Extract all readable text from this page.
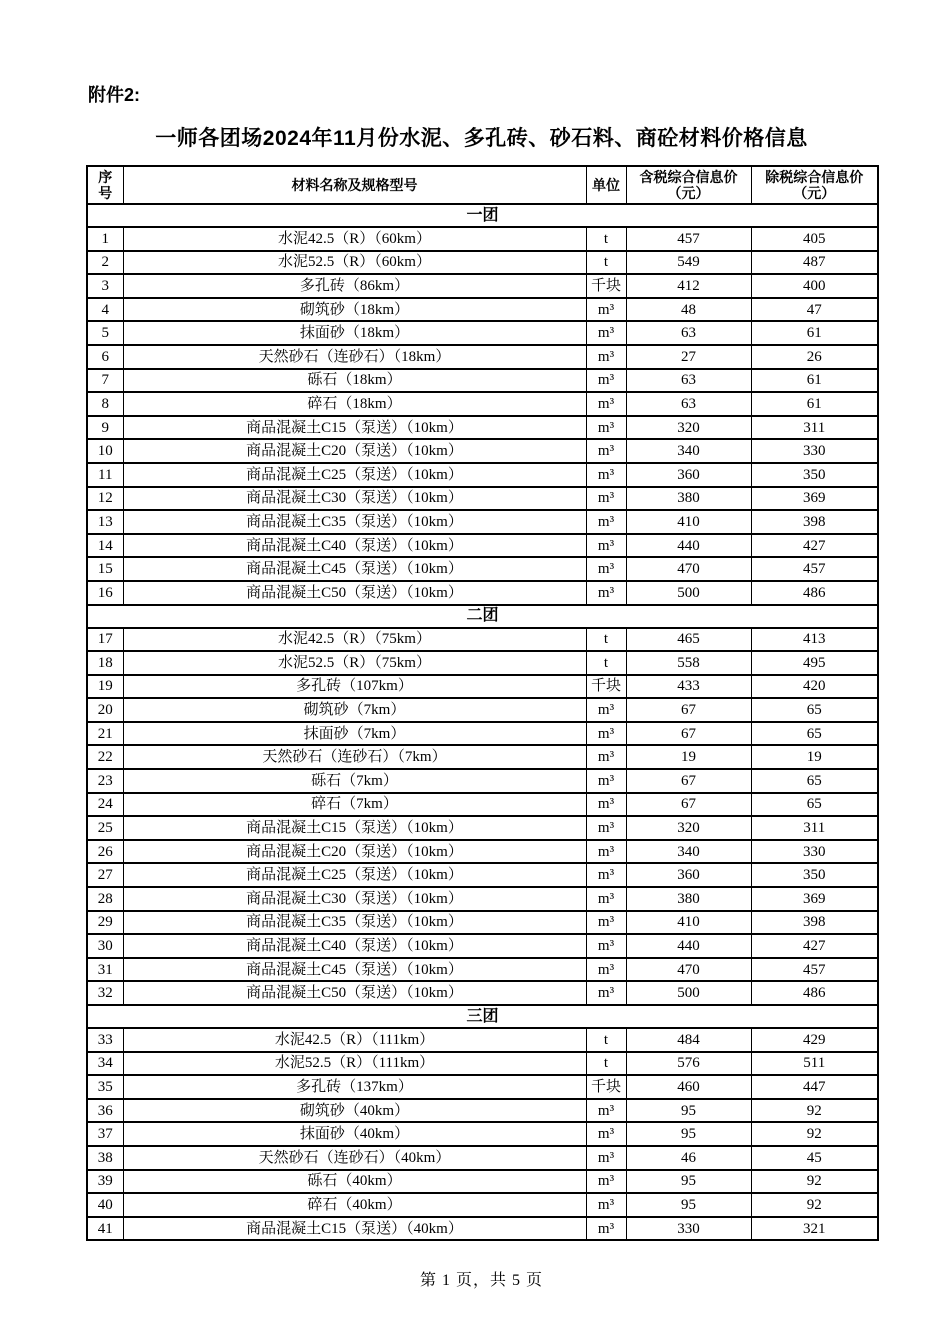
附件2:
一师各团场2024年11月份水泥、多孔砖、砂石料、商砼材料价格信息
序号	材料名称及规格型号	单位	含税综合信息价（元）	除税综合信息价（元）
一团				
1	水泥42.5（R）（60km）	t	457	405
2	水泥52.5（R）（60km）	t	549	487
3	多孔砖（86km）	千块	412	400
4	砌筑砂（18km）	m³	48	47
5	抹面砂（18km）	m³	63	61
6	天然砂石（连砂石）（18km）	m³	27	26
7	砾石（18km）	m³	63	61
8	碎石（18km）	m³	63	61
9	商品混凝土C15（泵送）（10km）	m³	320	311
10	商品混凝土C20（泵送）（10km）	m³	340	330
11	商品混凝土C25（泵送）（10km）	m³	360	350
12	商品混凝土C30（泵送）（10km）	m³	380	369
13	商品混凝土C35（泵送）（10km）	m³	410	398
14	商品混凝土C40（泵送）（10km）	m³	440	427
15	商品混凝土C45（泵送）（10km）	m³	470	457
16	商品混凝土C50（泵送）（10km）	m³	500	486
二团				
17	水泥42.5（R）（75km）	t	465	413
18	水泥52.5（R）（75km）	t	558	495
19	多孔砖（107km）	千块	433	420
20	砌筑砂（7km）	m³	67	65
21	抹面砂（7km）	m³	67	65
22	天然砂石（连砂石）（7km）	m³	19	19
23	砾石（7km）	m³	67	65
24	碎石（7km）	m³	67	65
25	商品混凝土C15（泵送）（10km）	m³	320	311
26	商品混凝土C20（泵送）（10km）	m³	340	330
27	商品混凝土C25（泵送）（10km）	m³	360	350
28	商品混凝土C30（泵送）（10km）	m³	380	369
29	商品混凝土C35（泵送）（10km）	m³	410	398
30	商品混凝土C40（泵送）（10km）	m³	440	427
31	商品混凝土C45（泵送）（10km）	m³	470	457
32	商品混凝土C50（泵送）（10km）	m³	500	486
三团				
33	水泥42.5（R）（111km）	t	484	429
34	水泥52.5（R）（111km）	t	576	511
35	多孔砖（137km）	千块	460	447
36	砌筑砂（40km）	m³	95	92
37	抹面砂（40km）	m³	95	92
38	天然砂石（连砂石）（40km）	m³	46	45
39	砾石（40km）	m³	95	92
40	碎石（40km）	m³	95	92
41	商品混凝土C15（泵送）（40km）	m³	330	321
第 1 页，共 5 页
